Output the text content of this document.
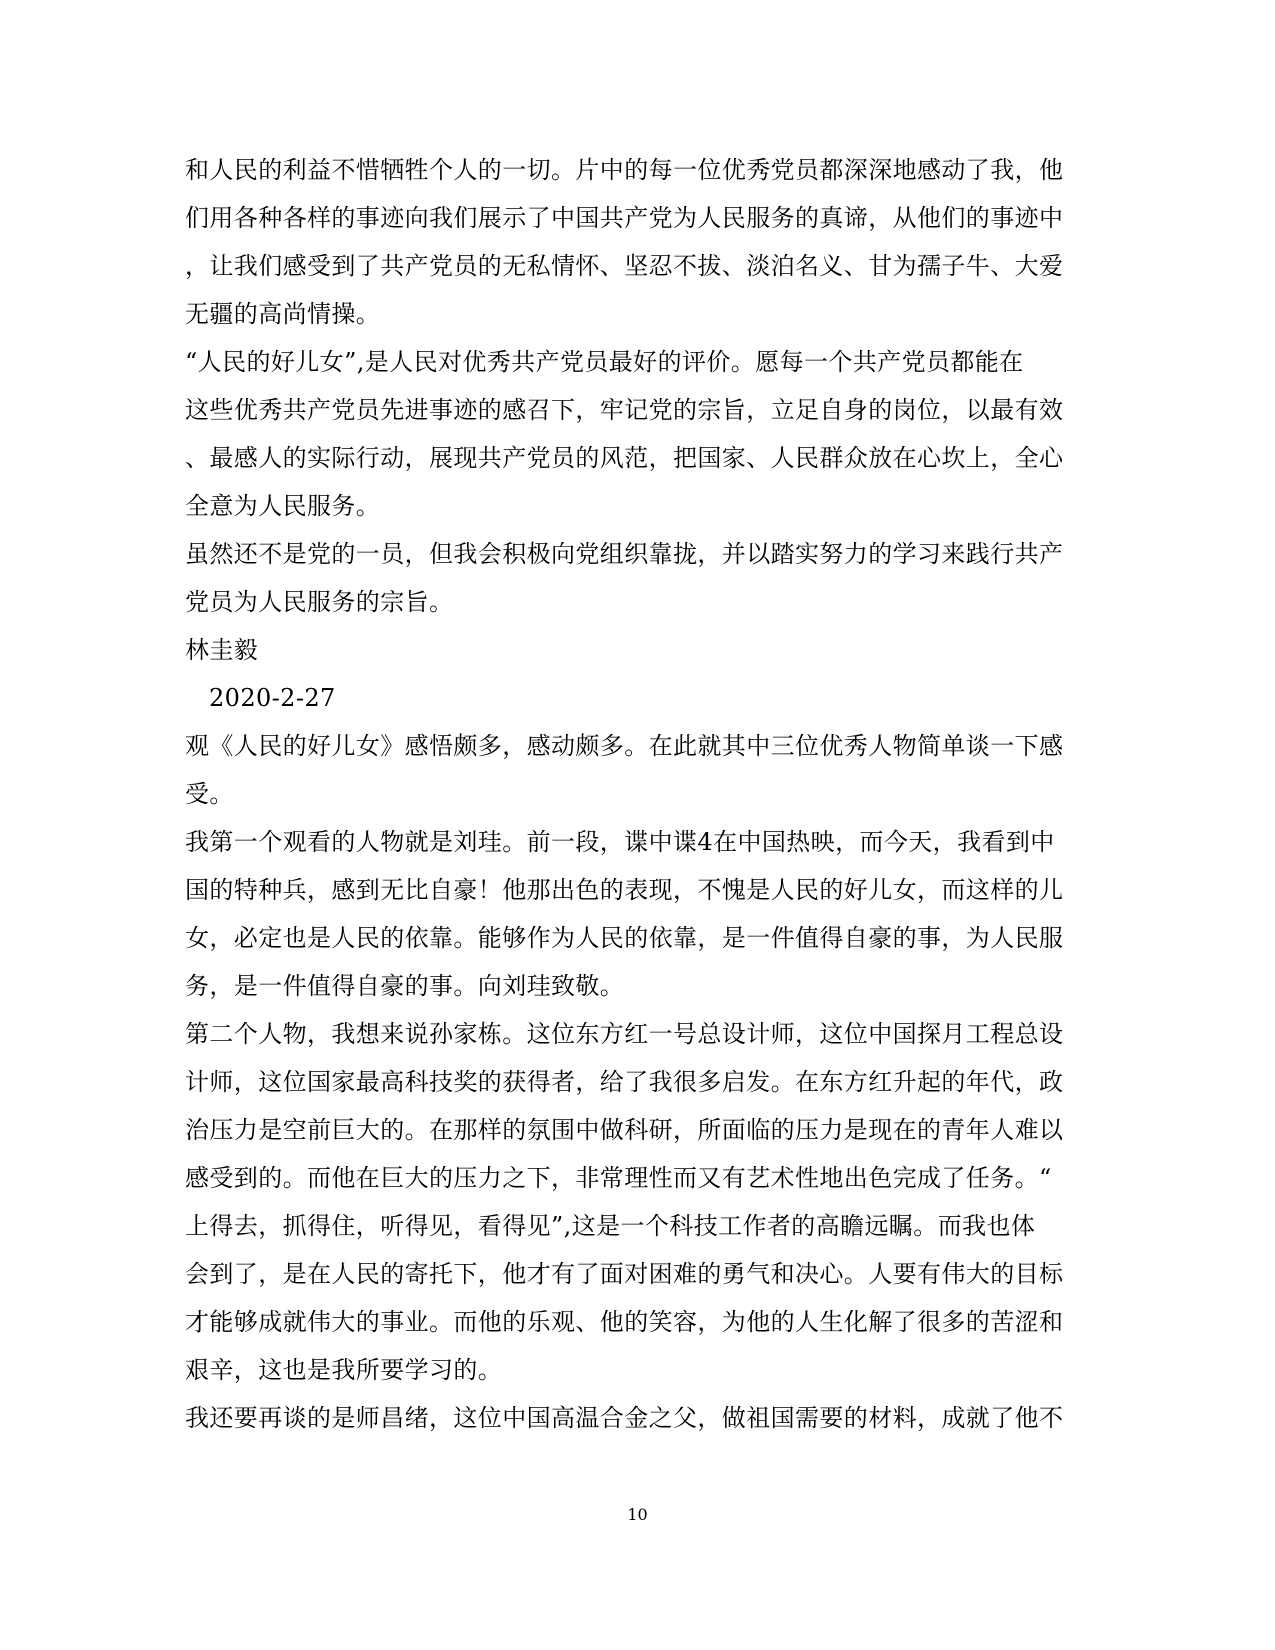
和人民的利益不惜牺牲个人的一切。片中的每一位优秀党员都深深地感动了我，他
们用各种各样的事迹向我们展示了中国共产党为人民服务的真谛，从他们的事迹中
，让我们感受到了共产党员的无私情怀、坚忍不拔、淡泊名义、甘为孺子牛、大爱
无疆的高尚情操。
“人民的好儿女”,是人民对优秀共产党员最好的评价。愿每一个共产党员都能在
这些优秀共产党员先进事迹的感召下，牢记党的宗旨，立足自身的岗位，以最有效
、最感人的实际行动，展现共产党员的风范，把国家、人民群众放在心坎上，全心
全意为人民服务。
虽然还不是党的一员，但我会积极向党组织靠拢，并以踏实努力的学习来践行共产
党员为人民服务的宗旨。
林圭毅
2020-2-27
观《人民的好儿女》感悟颇多，感动颇多。在此就其中三位优秀人物简单谈一下感
受。
我第一个观看的人物就是刘珪。前一段，谍中谍4在中国热映，而今天，我看到中
国的特种兵，感到无比自豪！他那出色的表现，不愧是人民的好儿女，而这样的儿
女，必定也是人民的依靠。能够作为人民的依靠，是一件值得自豪的事，为人民服
务，是一件值得自豪的事。向刘珪致敬。
第二个人物，我想来说孙家栋。这位东方红一号总设计师，这位中国探月工程总设
计师，这位国家最高科技奖的获得者，给了我很多启发。在东方红升起的年代，政
治压力是空前巨大的。在那样的氛围中做科研，所面临的压力是现在的青年人难以
感受到的。而他在巨大的压力之下，非常理性而又有艺术性地出色完成了任务。“
上得去，抓得住，听得见，看得见”,这是一个科技工作者的高瞻远瞩。而我也体
会到了，是在人民的寄托下，他才有了面对困难的勇气和决心。人要有伟大的目标
才能够成就伟大的事业。而他的乐观、他的笑容，为他的人生化解了很多的苦涩和
艰辛，这也是我所要学习的。
我还要再谈的是师昌绪，这位中国高温合金之父，做祖国需要的材料，成就了他不
10
